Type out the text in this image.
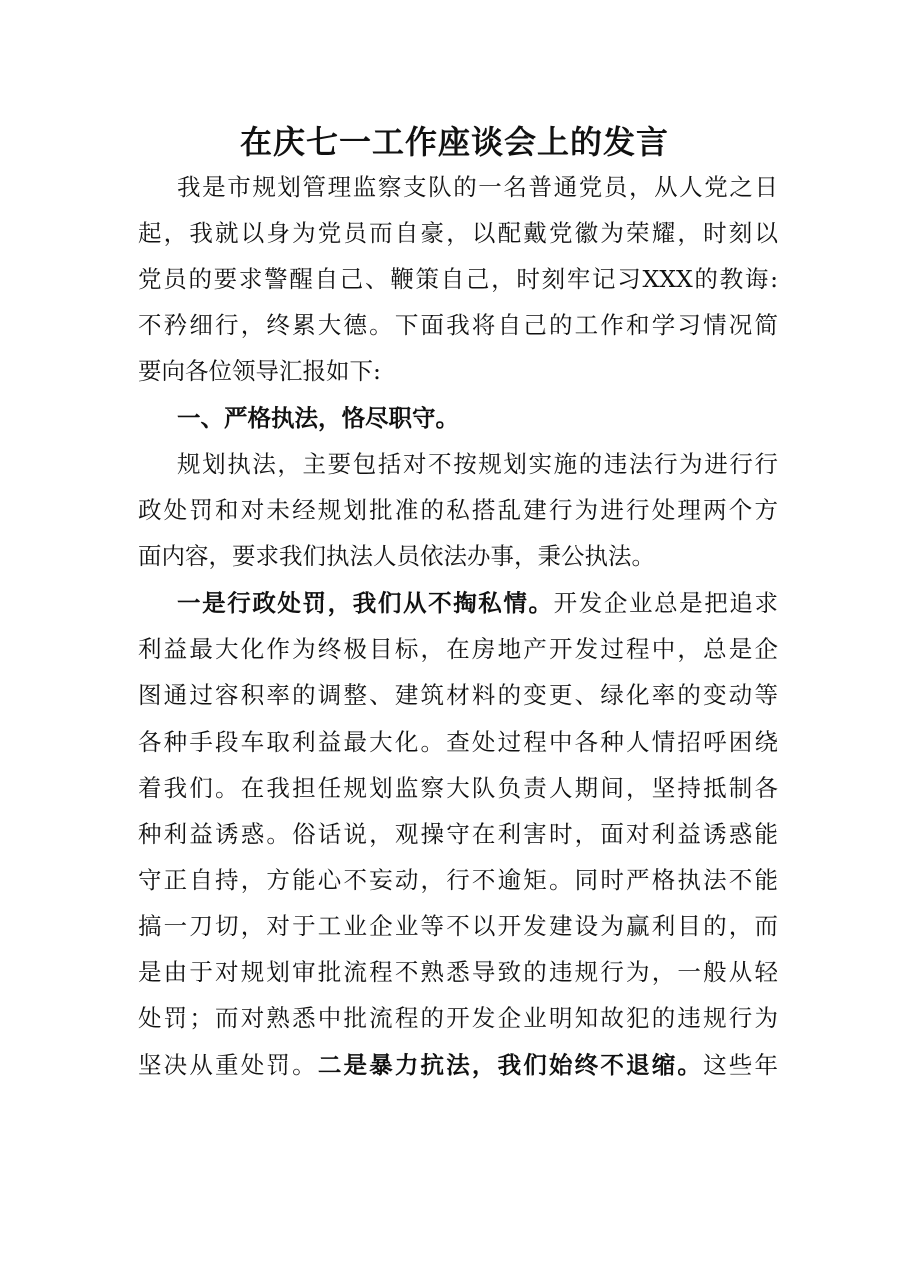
在庆七一工作座谈会上的发言
我是市规划管理监察支队的一名普通党员，从人党之日
起，我就以身为党员而自豪，以配戴党徽为荣耀，时刻以
党员的要求警醒自己、鞭策自己，时刻牢记习XXX的教诲:
不矜细行，终累大德。下面我将自己的工作和学习情况简
要向各位领导汇报如下:
一、严格执法，恪尽职守。
规划执法，主要包括对不按规划实施的违法行为进行行
政处罚和对未经规划批准的私搭乱建行为进行处理两个方
面内容，要求我们执法人员依法办事，秉公执法。
一是行政处罚，我们从不掏私情。开发企业总是把追求
利益最大化作为终极目标，在房地产开发过程中，总是企
图通过容积率的调整、建筑材料的变更、绿化率的变动等
各种手段车取利益最大化。查处过程中各种人情招呼困绕
着我们。在我担任规划监察大队负责人期间，坚持抵制各
种利益诱惑。俗话说，观操守在利害时，面对利益诱惑能
守正自持，方能心不妄动，行不逾矩。同时严格执法不能
搞一刀切，对于工业企业等不以开发建设为赢利目的，而
是由于对规划审批流程不熟悉导致的违规行为，一般从轻
处罚；而对熟悉中批流程的开发企业明知故犯的违规行为
坚决从重处罚。二是暴力抗法，我们始终不退缩。这些年
